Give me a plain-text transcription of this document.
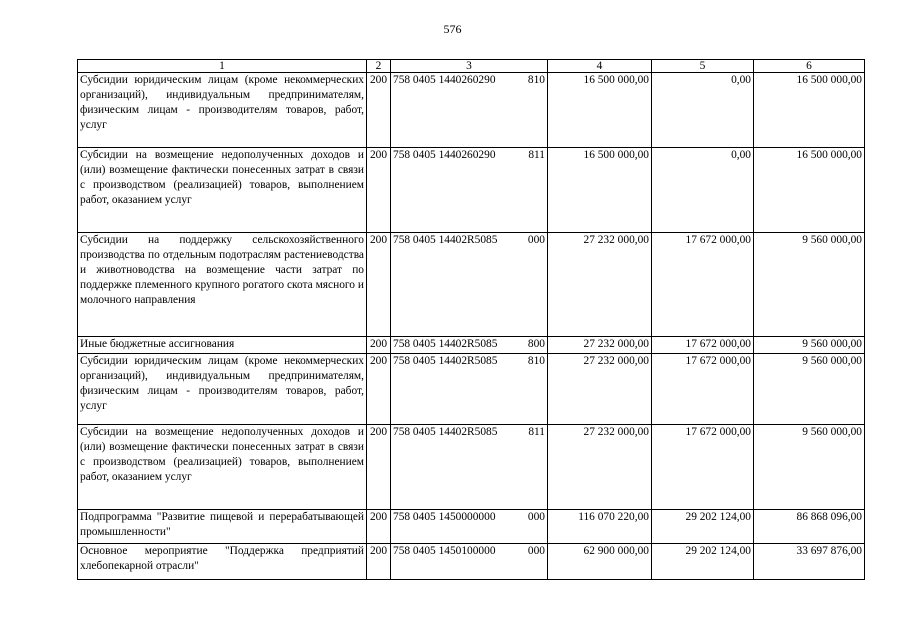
576
1	2	3	4	5	6
Субсидии юридическим лицам (кроме некоммерческих организаций), индивидуальным предпринимателям, физическим лицам - производителям товаров, работ, услуг	200	758 0405 1440260290 810	16 500 000,00	0,00	16 500 000,00
Субсидии на возмещение недополученных доходов и (или) возмещение фактически понесенных затрат в связи с производством (реализацией) товаров, выполнением работ, оказанием услуг	200	758 0405 1440260290 811	16 500 000,00	0,00	16 500 000,00
Субсидии на поддержку сельскохозяйственного производства по отдельным подотраслям растениеводства и животноводства на возмещение части затрат по поддержке племенного крупного рогатого скота мясного и молочного направления	200	758 0405 14402R5085 000	27 232 000,00	17 672 000,00	9 560 000,00
Иные бюджетные ассигнования	200	758 0405 14402R5085 800	27 232 000,00	17 672 000,00	9 560 000,00
Субсидии юридическим лицам (кроме некоммерческих организаций), индивидуальным предпринимателям, физическим лицам - производителям товаров, работ, услуг	200	758 0405 14402R5085 810	27 232 000,00	17 672 000,00	9 560 000,00
Субсидии на возмещение недополученных доходов и (или) возмещение фактически понесенных затрат в связи с производством (реализацией) товаров, выполнением работ, оказанием услуг	200	758 0405 14402R5085 811	27 232 000,00	17 672 000,00	9 560 000,00
Подпрограмма "Развитие пищевой и перерабатывающей промышленности"	200	758 0405 1450000000 000	116 070 220,00	29 202 124,00	86 868 096,00
Основное мероприятие "Поддержка предприятий хлебопекарной отрасли"	200	758 0405 1450100000 000	62 900 000,00	29 202 124,00	33 697 876,00
